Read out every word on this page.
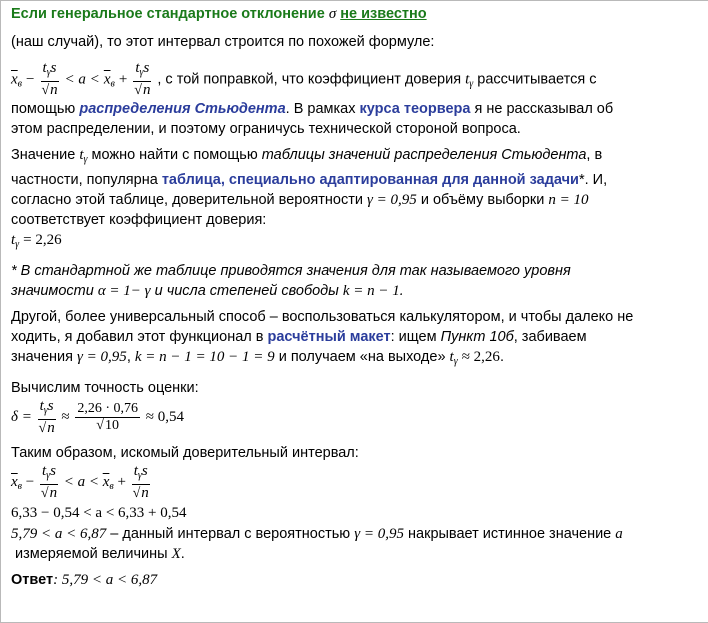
Если генеральное стандартное отклонение σ не известно

(наш случай), то этот интервал строится по похожей формуле:

$\overline{x}_в - \frac{t_\gamma s}{√n} < a < \overline{x}_в + \frac{t_\gamma s}{√n}$ , с той поправкой, что коэффициент доверия $t_\gamma$ рассчитывается с

помощью распределения Стьюдента. В рамках курса теорвера я не рассказывал об
этом распределении, и поэтому ограничусь технической стороной вопроса.

Значение $t_\gamma$ можно найти с помощью таблицы значений распределения Стьюдента, в
частности, популярна таблица, специально адаптированная для данной задачи*. И,
согласно этой таблице, доверительной вероятности γ = 0,95 и объёму выборки n = 10
соответствует коэффициент доверия:
$t_\gamma = 2,26$

* В стандартной же таблице приводятся значения для так называемого уровня
значимости α = 1− γ и числа степеней свободы k = n − 1.

Другой, более универсальный способ – воспользоваться калькулятором, и чтобы далеко не
ходить, я добавил этот функционал в расчётный макет: ищем Пункт 10б, забиваем
значения γ = 0,95, k = n − 1 = 10 − 1 = 9 и получаем «на выходе» $t_\gamma \approx 2,26$.

Вычислим точность оценки:

$\delta = \frac{t_\gamma s}{√n} \approx \frac{2,26 \cdot 0,76}{√10} \approx 0,54$

Таким образом, искомый доверительный интервал:

$\overline{x}_в - \frac{t_\gamma s}{√n} < a < \overline{x}_в + \frac{t_\gamma s}{√n}$

6,33 − 0,54 < a < 6,33 + 0,54

5,79 < a < 6,87 – данный интервал с вероятностью γ = 0,95 накрывает истинное значение a
измеряемой величины X.

Ответ: 5,79 < a < 6,87
